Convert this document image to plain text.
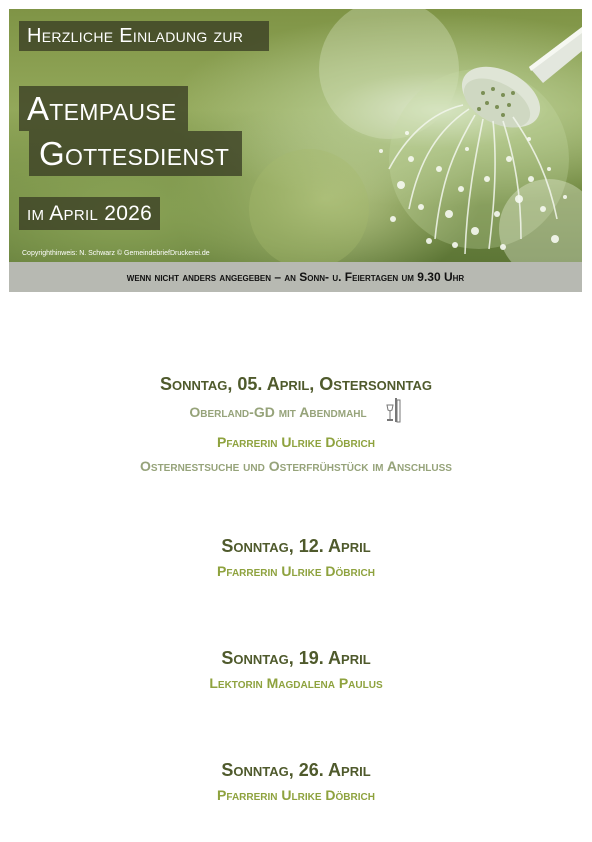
Herzliche Einladung zur
Atempause
Gottesdienst
im April 2026
Copyrighthinweis: N. Schwarz © GemeindebriefDruckerei.de
wenn nicht anders angegeben – an Sonn- u. Feiertagen um 9.30 Uhr
Sonntag, 05. April, Ostersonntag
Oberland-GD mit Abendmahl
Pfarrerin Ulrike Döbrich
Osternestsuche und Osterfrühstück im Anschluss
Sonntag, 12. April
Pfarrerin Ulrike Döbrich
Sonntag, 19. April
Lektorin Magdalena Paulus
Sonntag, 26. April
Pfarrerin Ulrike Döbrich
